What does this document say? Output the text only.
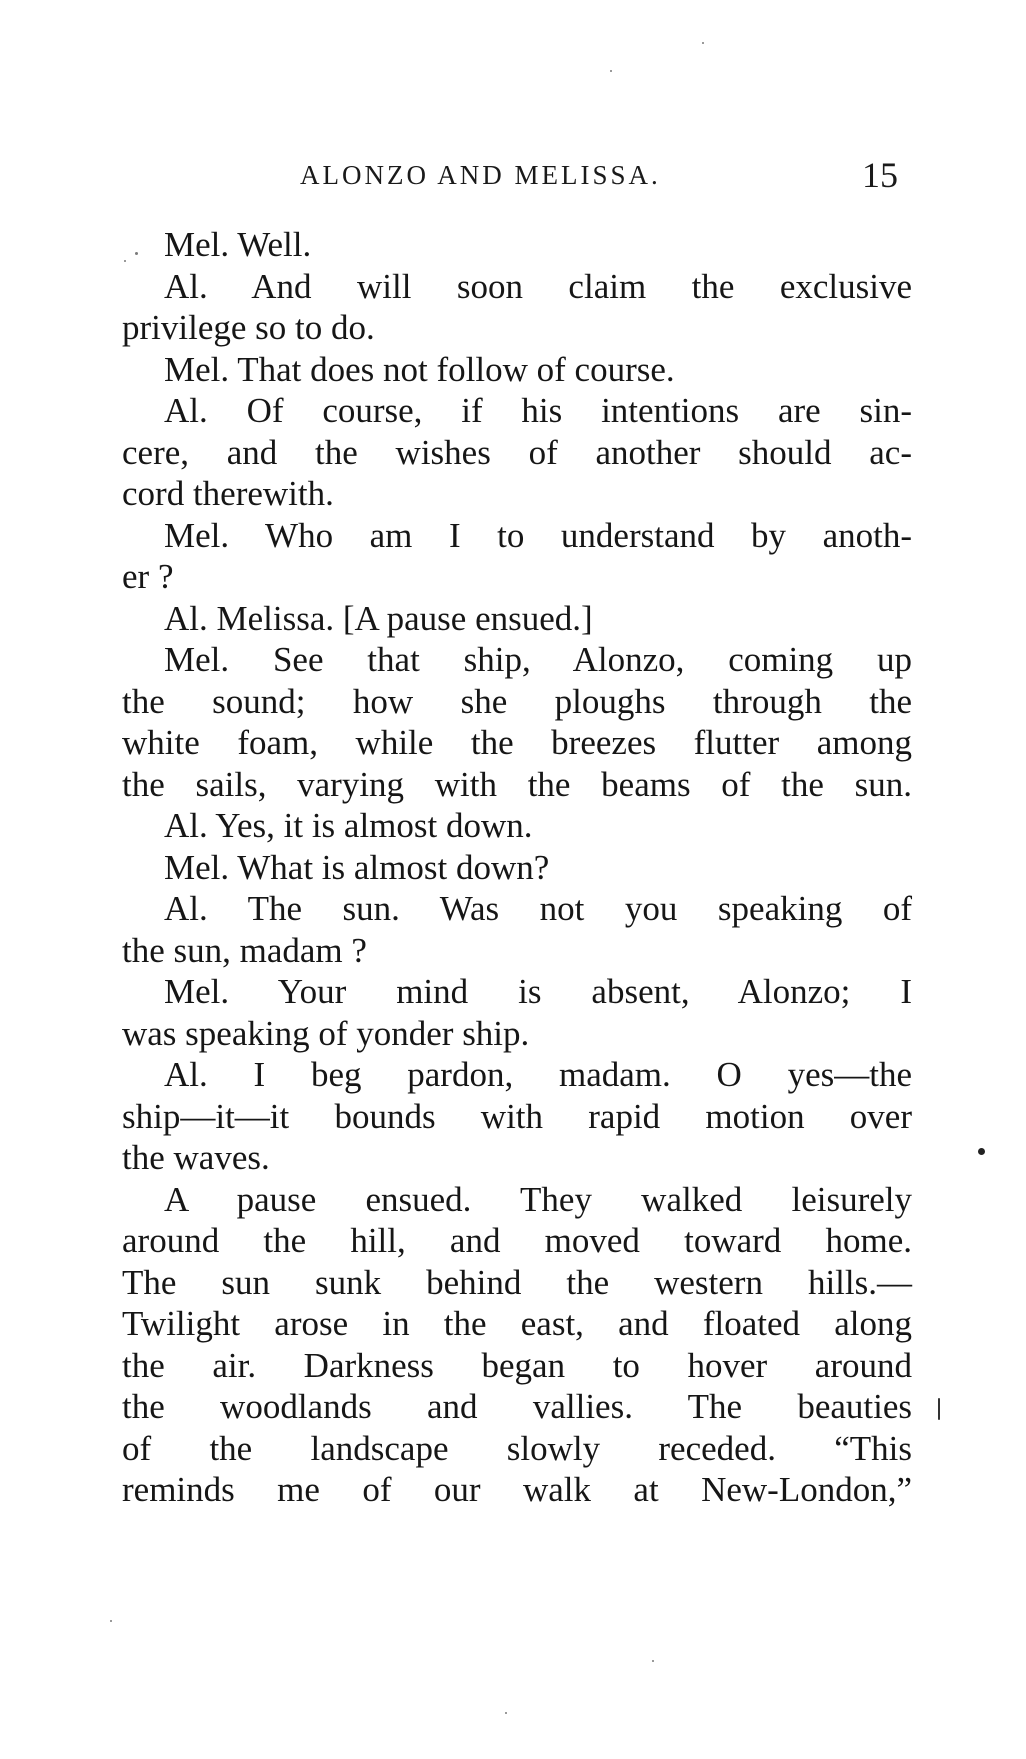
ALONZO AND MELISSA.	15
Mel. Well.
Al. And will soon claim the exclusive
privilege so to do.
Mel. That does not follow of course.
Al. Of course, if his intentions are sin-
cere, and the wishes of another should ac-
cord therewith.
Mel. Who am I to understand by anoth-
er ?
Al. Melissa. [A pause ensued.]
Mel. See that ship, Alonzo, coming up
the sound; how she ploughs through the
white foam, while the breezes flutter among
the sails, varying with the beams of the sun.
Al. Yes, it is almost down.
Mel. What is almost down?
Al. The sun. Was not you speaking of
the sun, madam ?
Mel. Your mind is absent, Alonzo; I
was speaking of yonder ship.
Al. I beg pardon, madam. O yes—the
ship—it—it bounds with rapid motion over
the waves.
A pause ensued. They walked leisurely
around the hill, and moved toward home.
The sun sunk behind the western hills.—
Twilight arose in the east, and floated along
the air. Darkness began to hover around
the woodlands and vallies. The beauties
of the landscape slowly receded. “This
reminds me of our walk at New-London,”
